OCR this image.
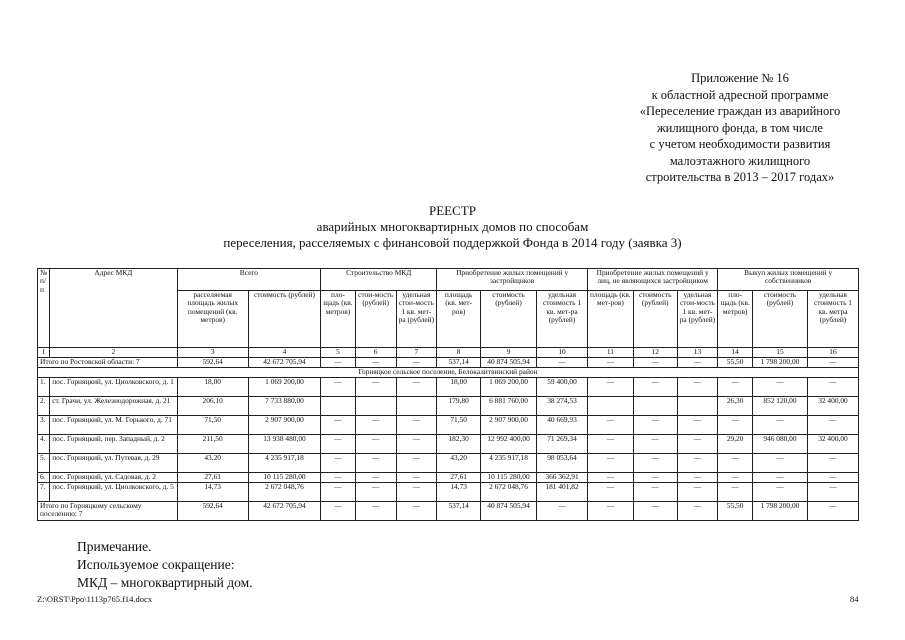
Приложение № 16
к областной адресной программе
«Переселение граждан из аварийного
жилищного фонда, в том числе
с учетом необходимости развития
малоэтажного жилищного
строительства в 2013 – 2017 годах»
РЕЕСТР
аварийных многоквартирных домов по способам
переселения, расселяемых с финансовой поддержкой Фонда в 2014 году (заявка 3)
№ п/п	Адрес МКД	Всего		Строительство МКД			Приобретение жилых помещений у застройщиков			Приобретение жилых помещений у лиц, не являющихся застройщиком			Выкуп жилых помещений у собственников		
		расселяемая площадь жилых помещений (кв. метров)	стоимость (рублей)	пло-щадь (кв. метров)	стои-мость (рублей)	удельная стои-мость 1 кв. мет-ра (рублей)	площадь (кв. мет-ров)	стоимость (рублей)	удельная стоимость 1 кв. мет-ра (рублей)	площадь (кв. мет-ров)	стоимость (рублей)	удельная стои-мость 1 кв. мет-ра (рублей)	пло-щадь (кв. метров)	стоимость (рублей)	удельная стоимость 1 кв. метра (рублей)
1	2	3	4	5	6	7	8	9	10	11	12	13	14	15	16
Итого по Ростовской области: 7		592,64	42 672 705,94	—	—	—	537,14	40 874 505,94	—	—	—	—	55,50	1 798 200,00	—
Горняцкое сельское поселение, Белокалитвинский район															
1.	пос. Горняцкий, ул. Циолковского, д. 1	18,00	1 069 200,00	—	—	—	18,00	1 069 200,00	59 400,00	—	—	—	—	—	—
2.	ст. Грачи, ул. Железнодорожная, д. 21	206,10	7 733 880,00				179,80	6 881 760,00	38 274,53				26,30	852 120,00	32 400,00
3.	пос. Горняцкий, ул. М. Горького, д. 71	71,50	2 907 900,00	—	—	—	71,50	2 907 900,00	40 669,93	—	—	—	—	—	—
4.	пос. Горняцкий, пер. Западный, д. 2	211,50	13 938 480,00	—	—	—	182,30	12 992 400,00	71 269,34	—	—	—	29,20	946 080,00	32 400,00
5.	пос. Горняцкий, ул. Путевая, д. 29	43,20	4 235 917,18	—	—	—	43,20	4 235 917,18	98 053,64	—	—	—	—	—	—
6.	пос. Горняцкий, ул. Садовая, д. 2	27,61	10 115 280,00	—	—	—	27,61	10 115 280,00	366 362,91	—	—	—	—	—	—
7.	пос. Горняцкий, ул. Циолковского, д. 5	14,73	2 672 048,76	—	—	—	14,73	2 672 048,76	181 401,82	—	—	—	—	—	—
Итого по Горняцкому сельскому поселению: 7		592,64	42 672 705,94	—	—	—	537,14	40 874 505,94	—	—	—	—	55,50	1 798 200,00	—
Примечание.
Используемое сокращение:
МКД – многоквартирный дом.
Z:\ORST\Ppo\1113p765.f14.docx	84
